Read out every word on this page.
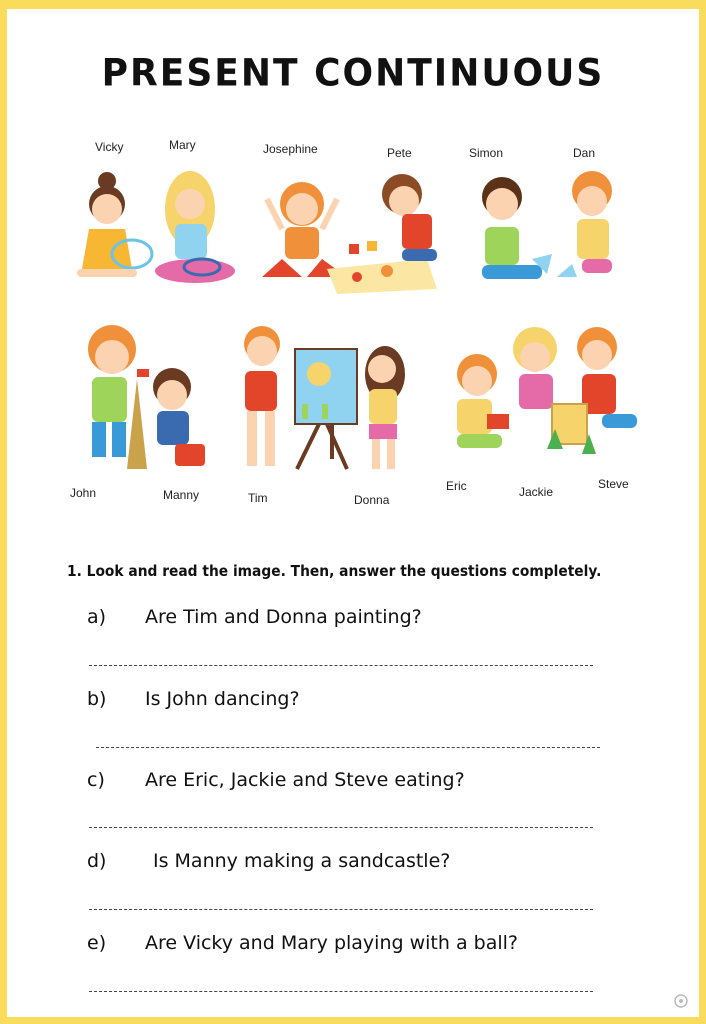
PRESENT CONTINUOUS
Vicky	Mary	Josephine	Pete	Simon	Dan
John	Manny	Tim	Donna
Eric	Jackie
Steve
1. Look and read the image. Then, answer the questions completely.
a) Are Tim and Donna painting?
b) Is John dancing?
c) Are Eric, Jackie and Steve eating?
d) Is Manny making a sandcastle?
e) Are Vicky and Mary playing with a ball?
